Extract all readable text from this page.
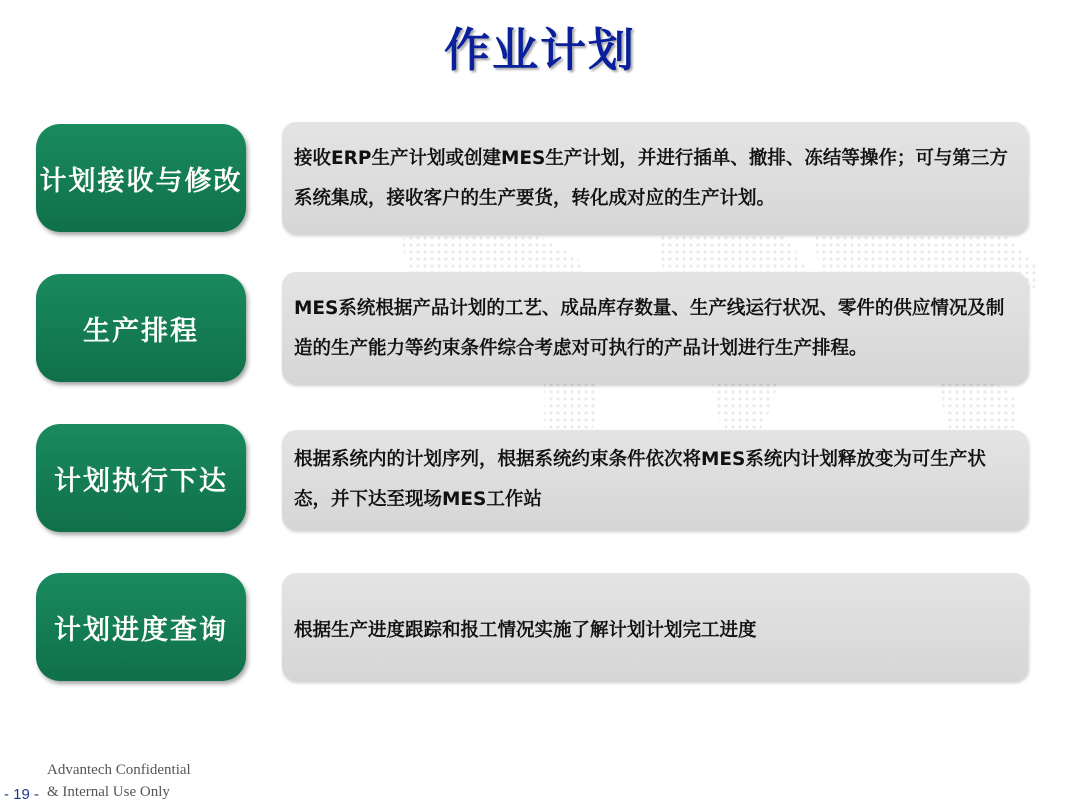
作业计划
计划接收与修改
接收ERP生产计划或创建MES生产计划，并进行插单、撤排、冻结等操作；可与第三方系统集成，接收客户的生产要货，转化成对应的生产计划。
生产排程
MES系统根据产品计划的工艺、成品库存数量、生产线运行状况、零件的供应情况及制造的生产能力等约束条件综合考虑对可执行的产品计划进行生产排程。
计划执行下达
根据系统内的计划序列，根据系统约束条件依次将MES系统内计划释放变为可生产状态，并下达至现场MES工作站
计划进度查询	根据生产进度跟踪和报工情况实施了解计划计划完工进度
Advantech Confidential
& Internal Use Only
- 19 -
